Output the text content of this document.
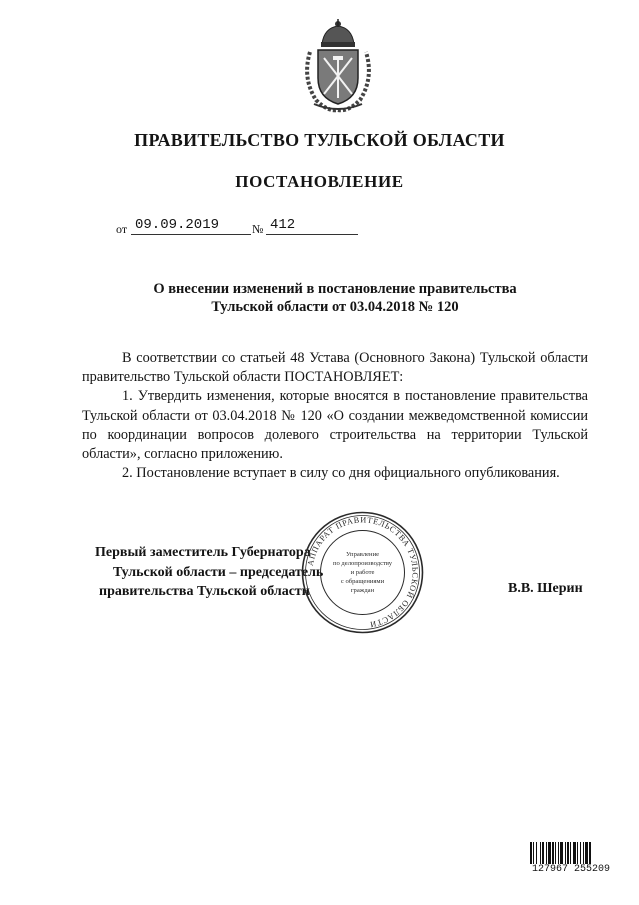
ПРАВИТЕЛЬСТВО ТУЛЬСКОЙ ОБЛАСТИ
ПОСТАНОВЛЕНИЕ
от 09.09.2019	№ 412
О внесении изменений в постановление правительства
Тульской области от 03.04.2018 № 120

В соответствии со статьей 48 Устава (Основного Закона) Тульской области правительство Тульской области ПОСТАНОВЛЯЕТ:

1. Утвердить изменения, которые вносятся в постановление правительства Тульской области от 03.04.2018 № 120 «О создании межведомственной комиссии по координации вопросов долевого строительства на территории Тульской области», согласно приложению.

2. Постановление вступает в силу со дня официального опубликования.

Первый заместитель Губернатора
Тульской области – председатель
правительства Тульской области
АППАРАТ ПРАВИТЕЛЬСТВА ТУЛЬСКОЙ ОБЛАСТИ
Управление
по делопроизводству
и работе
с обращениями
граждан	В.В. Шерин
127967 255209
